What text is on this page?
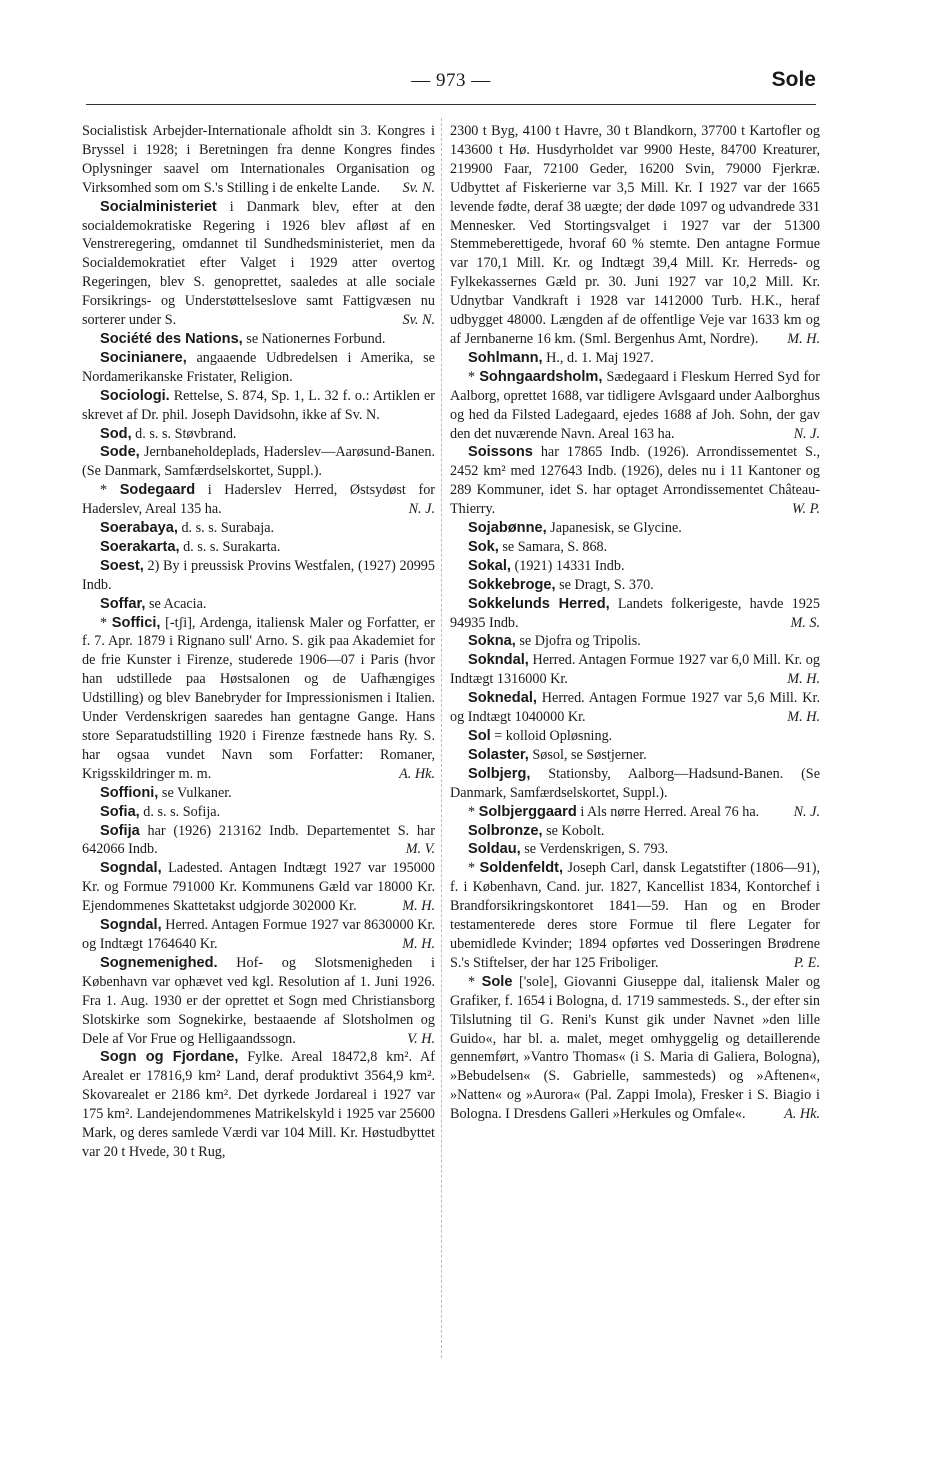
— 973 —	Sole

Socialistisk Arbejder-Internationale afholdt sin 3. Kongres i Bryssel i 1928; i Beretningen fra denne Kongres findes Oplysninger saavel om Internationales Organisation og Virksomhed som om S.'s Stilling i de enkelte Lande.	Sv. N.

Socialministeriet i Danmark blev, efter at den socialdemokratiske Regering i 1926 blev afløst af en Venstreregering, omdannet til Sundhedsministeriet, men da Socialdemokratiet efter Valget i 1929 atter overtog Regeringen, blev S. genoprettet, saaledes at alle sociale Forsikrings- og Understøttelseslove samt Fattigvæsen nu sorterer under S.	Sv. N.

Société des Nations, se Nationernes Forbund.

Socinianere, angaaende Udbredelsen i Amerika, se Nordamerikanske Fristater, Religion.

Sociologi. Rettelse, S. 874, Sp. 1, L. 32 f. o.: Artiklen er skrevet af Dr. phil. Joseph Davidsohn, ikke af Sv. N.

Sod, d. s. s. Støvbrand.

Sode, Jernbaneholdeplads, Haderslev—Aarøsund-Banen. (Se Danmark, Samfærdselskortet, Suppl.).

* Sodegaard i Haderslev Herred, Østsydøst for Haderslev, Areal 135 ha.	N. J.

Soerabaya, d. s. s. Surabaja.

Soerakarta, d. s. s. Surakarta.

Soest, 2) By i preussisk Provins Westfalen, (1927) 20995 Indb.

Soffar, se Acacia.

* Soffici, [-tʃi], Ardenga, italiensk Maler og Forfatter, er f. 7. Apr. 1879 i Rignano sull' Arno. S. gik paa Akademiet for de frie Kunster i Firenze, studerede 1906—07 i Paris (hvor han udstillede paa Høstsalonen og de Uafhængiges Udstilling) og blev Banebryder for Impressionismen i Italien. Under Verdenskrigen saaredes han gentagne Gange. Hans store Separatudstilling 1920 i Firenze fæstnede hans Ry. S. har ogsaa vundet Navn som Forfatter: Romaner, Krigsskildringer m. m.	A. Hk.

Soffioni, se Vulkaner.

Sofia, d. s. s. Sofija.

Sofija har (1926) 213162 Indb. Departementet S. har 642066 Indb.	M. V.

Sogndal, Ladested. Antagen Indtægt 1927 var 195000 Kr. og Formue 791000 Kr. Kommunens Gæld var 18000 Kr. Ejendommenes Skattetakst udgjorde 302000 Kr.	M. H.

Sogndal, Herred. Antagen Formue 1927 var 8630000 Kr. og Indtægt 1764640 Kr.	M. H.

Sognemenighed. Hof- og Slotsmenigheden i København var ophævet ved kgl. Resolution af 1. Juni 1926. Fra 1. Aug. 1930 er der oprettet et Sogn med Christiansborg Slotskirke som Sognekirke, bestaaende af Slotsholmen og Dele af Vor Frue og Helligaandssogn.	V. H.

Sogn og Fjordane, Fylke. Areal 18472,8 km². Af Arealet er 17816,9 km² Land, deraf produktivt 3564,9 km². Skovarealet er 2186 km². Det dyrkede Jordareal i 1927 var 175 km². Landejendommenes Matrikelskyld i 1925 var 25600 Mark, og deres samlede Værdi var 104 Mill. Kr. Høstudbyttet var 20 t Hvede, 30 t Rug,

2300 t Byg, 4100 t Havre, 30 t Blandkorn, 37700 t Kartofler og 143600 t Hø. Husdyrholdet var 9900 Heste, 84700 Kreaturer, 219900 Faar, 72100 Geder, 16200 Svin, 79000 Fjerkræ. Udbyttet af Fiskerierne var 3,5 Mill. Kr. I 1927 var der 1665 levende fødte, deraf 38 uægte; der døde 1097 og udvandrede 331 Mennesker. Ved Stortingsvalget i 1927 var der 51300 Stemmeberettigede, hvoraf 60 % stemte. Den antagne Formue var 170,1 Mill. Kr. og Indtægt 39,4 Mill. Kr. Herreds- og Fylkekassernes Gæld pr. 30. Juni 1927 var 10,2 Mill. Kr. Udnytbar Vandkraft i 1928 var 1412000 Turb. H.K., heraf udbygget 48000. Længden af de offentlige Veje var 1633 km og af Jernbanerne 16 km. (Sml. Bergenhus Amt, Nordre).	M. H.

Sohlmann, H., d. 1. Maj 1927.

* Sohngaardsholm, Sædegaard i Fleskum Herred Syd for Aalborg, oprettet 1688, var tidligere Avlsgaard under Aalborghus og hed da Filsted Ladegaard, ejedes 1688 af Joh. Sohn, der gav den det nuværende Navn. Areal 163 ha.	N. J.

Soissons har 17865 Indb. (1926). Arrondissementet S., 2452 km² med 127643 Indb. (1926), deles nu i 11 Kantoner og 289 Kommuner, idet S. har optaget Arrondissementet Château-Thierry.	W. P.

Sojabønne, Japanesisk, se Glycine.

Sok, se Samara, S. 868.

Sokal, (1921) 14331 Indb.

Sokkebroge, se Dragt, S. 370.

Sokkelunds Herred, Landets folkerigeste, havde 1925 94935 Indb.	M. S.

Sokna, se Djofra og Tripolis.

Sokndal, Herred. Antagen Formue 1927 var 6,0 Mill. Kr. og Indtægt 1316000 Kr.	M. H.

Soknedal, Herred. Antagen Formue 1927 var 5,6 Mill. Kr. og Indtægt 1040000 Kr.	M. H.

Sol = kolloid Opløsning.

Solaster, Søsol, se Søstjerner.

Solbjerg, Stationsby, Aalborg—Hadsund-Banen. (Se Danmark, Samfærdselskortet, Suppl.).

* Solbjerggaard i Als nørre Herred. Areal 76 ha.	N. J.

Solbronze, se Kobolt.

Soldau, se Verdenskrigen, S. 793.

* Soldenfeldt, Joseph Carl, dansk Legatstifter (1806—91), f. i København, Cand. jur. 1827, Kancellist 1834, Kontorchef i Brandforsikringskontoret 1841—59. Han og en Broder testamenterede deres store Formue til flere Legater for ubemidlede Kvinder; 1894 opførtes ved Dosseringen Brødrene S.'s Stiftelser, der har 125 Friboliger.	P. E.

* Sole ['sole], Giovanni Giuseppe dal, italiensk Maler og Grafiker, f. 1654 i Bologna, d. 1719 sammesteds. S., der efter sin Tilslutning til G. Reni's Kunst gik under Navnet »den lille Guido«, har bl. a. malet, meget omhyggelig og detaillerende gennemført, »Vantro Thomas« (i S. Maria di Galiera, Bologna), »Bebudelsen« (S. Gabrielle, sammesteds) og »Aftenen«, »Natten« og »Aurora« (Pal. Zappi Imola), Fresker i S. Biagio i Bologna. I Dresdens Galleri »Herkules og Omfale«.	A. Hk.
